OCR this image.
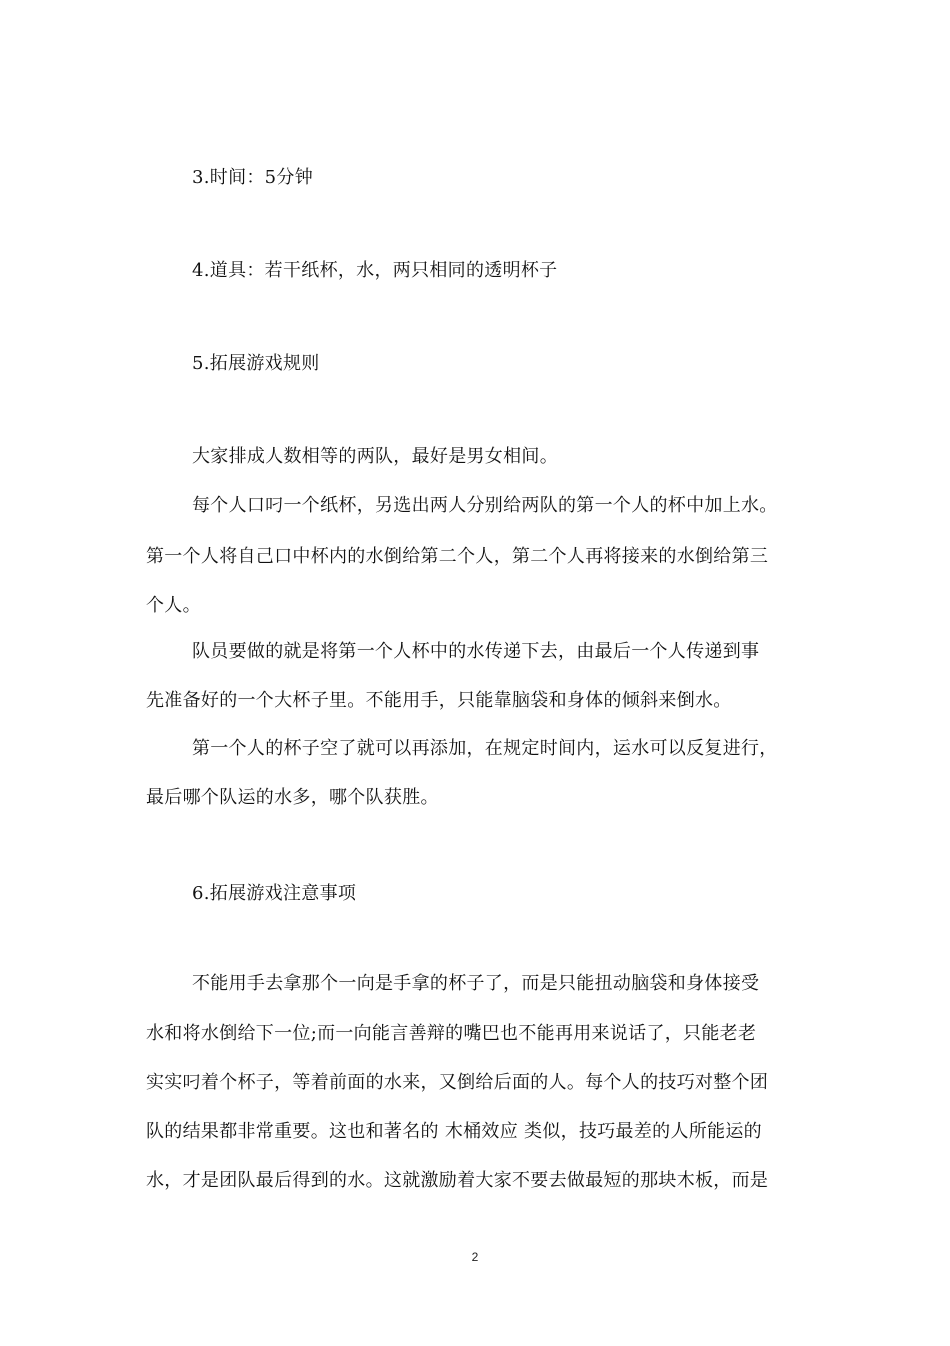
3.时间：5分钟
4.道具：若干纸杯，水，两只相同的透明杯子
5.拓展游戏规则
大家排成人数相等的两队，最好是男女相间。
每个人口叼一个纸杯，另选出两人分别给两队的第一个人的杯中加上水。
第一个人将自己口中杯内的水倒给第二个人，第二个人再将接来的水倒给第三
个人。
队员要做的就是将第一个人杯中的水传递下去，由最后一个人传递到事
先准备好的一个大杯子里。不能用手，只能靠脑袋和身体的倾斜来倒水。
第一个人的杯子空了就可以再添加，在规定时间内，运水可以反复进行，
最后哪个队运的水多，哪个队获胜。
6.拓展游戏注意事项
不能用手去拿那个一向是手拿的杯子了，而是只能扭动脑袋和身体接受
水和将水倒给下一位;而一向能言善辩的嘴巴也不能再用来说话了，只能老老
实实叼着个杯子，等着前面的水来，又倒给后面的人。每个人的技巧对整个团
队的结果都非常重要。这也和著名的 木桶效应 类似，技巧最差的人所能运的
水，才是团队最后得到的水。这就激励着大家不要去做最短的那块木板，而是
2
